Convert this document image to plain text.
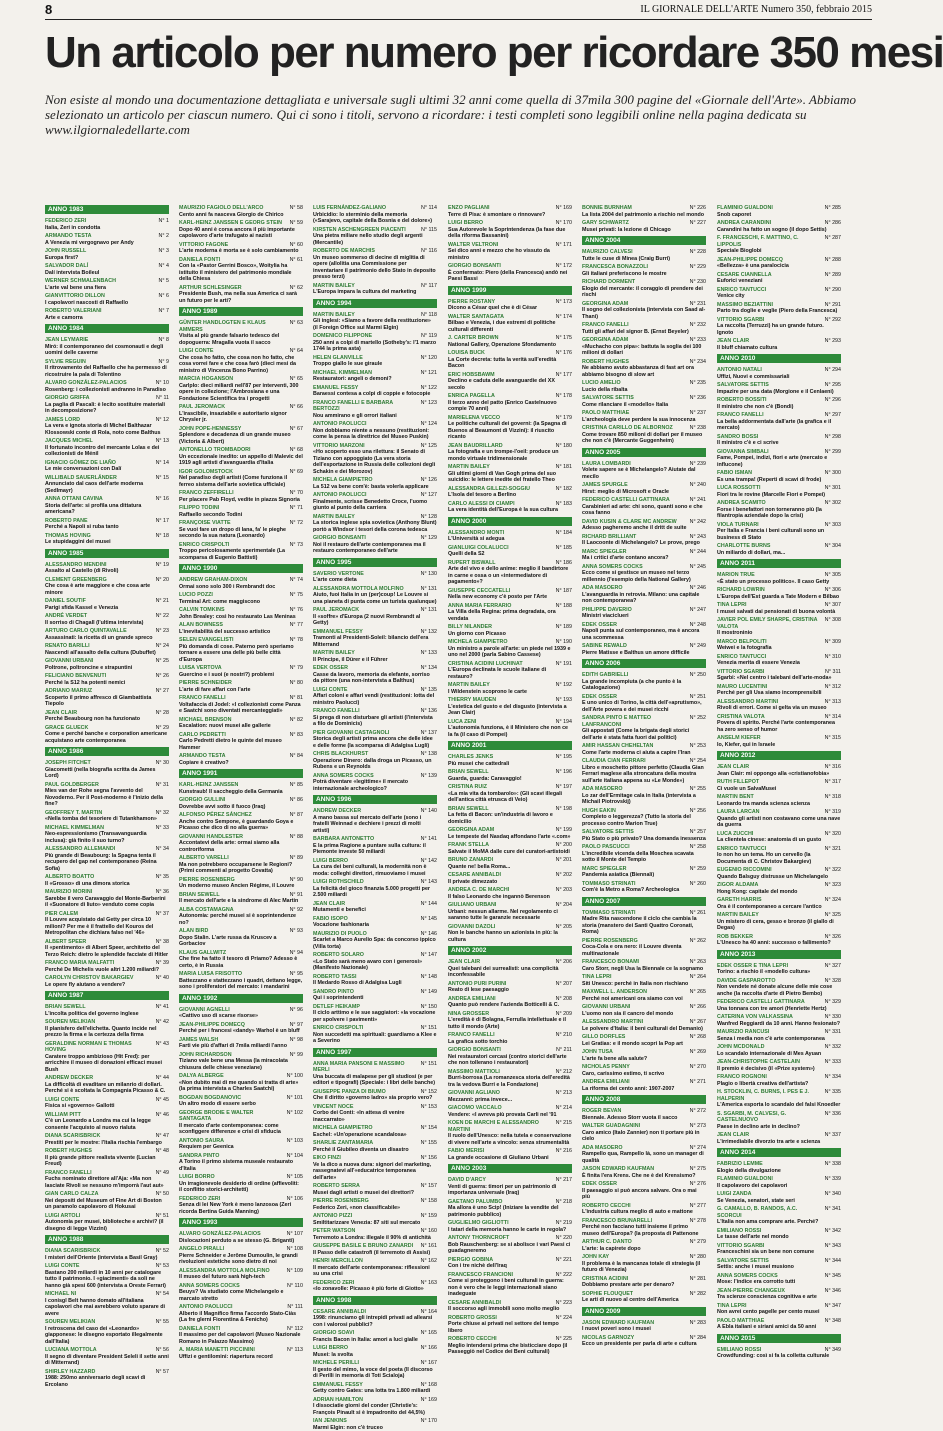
8	IL GIORNALE DELL'ARTE Numero 350, febbraio 2015
Un articolo per numero per ricordare 350 mesi

Non esiste al mondo una documentazione dettagliata e universale sugli ultimi 32 anni come quella di 37mila 300 pagine del «Giornale dell'Arte». Abbiamo selezionato un articolo per ciascun numero. Qui ci sono i titoli, servono a ricordare: i testi completi sono leggibili online nella pagina dedicata su www.ilgiornaledellarte.com

ANNO 1983
FEDERICO ZERI	N° 1
Italia, Zeri in condotta
ARMANDO TESTA	N° 2
A Venezia mi vergognavo per Andy
JOHN RUSSELL	N° 3
Europa first?
SALVADOR DALÍ	N° 4
Dalí intervista Boileul
WERNER SCHMALENBACH	N° 5
L'arte val bene una fiera
GIANVITTORIO DILLON	N° 6
I capolavori nascosti di Raffaello
ROBERTO VALERIANI	N° 7
Arte e camorra
ANNO 1984
JEAN LEYMARIE	N° 8
Miró: il contemporaneo dei cosmonauti e degli uomini delle caverne
SYLVIE REGUIN	N° 9
Il ritrovamento del Raffaello che ha permesso di ricostruire la pala di Tolentino
ALVARO GONZÁLEZ-PALACIOS	N° 10
Rosenberg: i collezionisti andranno in Paradiso
GIORGIO GRIFFA	N° 11
La paglia di Pascali: è lecito sostituire materiali in decomposizione?
JAMES LORD	N° 12
La vera e ignota storia di Michel Balthazar Klossowski conte di Rola, noto come Balthus
JACQUES MICHEL	N° 13
Il fortunato incontro del mercante Lolas e dei collezionisti de Ménil
IGNACIO GÓMEZ DE LIAÑO	N° 14
Le mie conversazioni con Dalí
WILLIBALD SAUERLÄNDER	N° 15
Annunciato dal caos dell'arte moderna (Sedlmayr)
ANNA OTTANI CAVINA	N° 16
Storia dell'arte: si profila una dittatura americana?
ROBERTO PANE	N° 17
Perché a Napoli si ruba tanto
THOMAS HOVING	N° 18
Le stupidaggini dei musei
ANNO 1985
ALESSANDRO MENDINI	N° 19
Assalto al Castello (di Rivoli)
CLEMENT GREENBERG	N° 20
Che cosa è arte maggiore e che cosa arte minore
DANIEL SOUTIF	N° 21
Parigi sfida Kassel e Venezia
ANDRÉ VERDET	N° 22
Il sorriso di Chagall (l'ultima intervista)
ARTURO CARLO QUINTAVALLE	N° 23
Assassinati: la ricetta di un grande spreco
RENATO BARILLI	N° 24
Nascendi all'assalto della cultura (Dubuffet)
GIOVANNI URBANI	N° 25
Poltrone, poltroncine e strapuntini
FELICIANO BENVENUTI	N° 26
Perché la S12 ha potenti nemici
ADRIANO MARIUZ	N° 27
Scoperto il primo affresco di Giambattista Tiepolo
JEAN CLAIR	N° 28
Perché Beaubourg non ha funzionato
GRACE GLUECK	N° 29
Come e perché banche e corporation americane acquistano arte contemporanea
ANNO 1986
JOSEPH FITCHET	N° 30
Giacometti (nella biografia scritta da James Lord)
PAUL GOLDBERGER	N° 31
Mies van der Rohe segna l'avvento del Novoderno. Per il Post-moderno è l'inizio della fine?
GEOFFREY T. MARTIN	N° 32
«Nella tomba del tesoriere di Tutankhamon»
MICHAEL KIMMELMAN	N° 33
Neo-espressionismo (Transavanguardia inclusa): già finito il suo turno?
ALESSANDRO ALLEMANDI	N° 34
Più grande di Beaubourg: la Spagna tenta il recupero del gap nel contemporaneo (Reina Sofía)
ALBERTO BOATTO	N° 35
Il «Grosso» di una dimora storica
MAURIZIO MORINI	N° 36
Sarebbe il vero Caravaggio del Monte-Barberini il «Suonatore di liuto» venduto come copia
PIER CALEM	N° 37
Il Louvre acquistato dal Getty per circa 10 milioni? Per me è il frattello del Kouros del Metropolitan che dichiara falso nel '46»
ALBERT SPEER	N° 38
Il «pentimento» di Albert Speer, architetto del Terzo Reich: dietro le splendide facciate di Hitler
FRANCO MARIA MALFATTI	N° 39
Perché De Michelis vuole altri 1.200 miliardi?
CAROLYN CHRISTOV BAKARGIEV	N° 40
Le opere fly aiutano a vendere?
ANNO 1987
BRIAN SEWELL	N° 41
L'incolta politica del governo inglese
SOUREN MELIKIAN	N° 42
Il planisfero dell'elichetta. Quanto incide nel prezzo la firma e la certezza della firma
GERALDINE NORMAN E THOMAS HOVING
N° 43
Caratere troppo ambizioso (Hit Fred): per arricchire il museo di donazioni efficaci musei Bush
ANDREW DECKER	N° 44
La difficoltà di evaditare un milanrio di dollari. Perché si è scoltata la Compagnia Picasso & C.
LUIGI CONTE	N° 45
Fisica si «governo» Gallotti
WILLIAM PITT	N° 46
C'è un Leonardo a Londra ma cui la legge consente l'acquisto al nuovo rialuta
DIANA SCARISBRICK	N° 47
Prestiti per le mostre: l'Italia rischia l'embargo
ROBERT HUGHES	N° 48
Il più grande pittore realista vivente (Lucian Freud)
FRANCO FANELLI	N° 49
Fuchs nominato direttore all'Aja: «Ma non lasciate Rivoli se nessuno m'imporrà l'aut aut»
GIAN CARLO CALZA	N° 50
Nei depositi del Museum of Fine Art di Boston un paramolo capolavoro di Hokusai
LUIGI ARTOLI	N° 51
Autonomia per musei, biblioteche e archivi? (il disegno di legge Vizzini)
ANNO 1988
DIANA SCARISBRICK	N° 52
I misteri dell'Oriente (intervista a Basil Gray)
LUIGI CONTE	N° 53
Bastano 200 miliardi in 10 anni per catalogare tutto il patrimonio. I «giacimenti» da soli ne hanno già spesi 600 (intervista a Oreste Ferrari)
MICHAEL NI	N° 54
I conisgl Belt hanno domato all'italiana capolavori che mai avrebbero voluto sparare di avere
SOUREN MELIKIAN	N° 55
I retroscena del caso dei «Leonardo» giapponese: le disegno esportato illegalmente dall'Italia)
LUCIANA MOTTOLA	N° 56
Il segno di diventare President Seleli il sette anni di Mitterrand)
SHIRLEY HAZZARD	N° 57
1988: 250mo anniversario degli scavi di Ercolano
MAURIZIO FAGIOLO DELL'ARCO	N° 58
Cento anni fa nasceva Giorgio de Chirico
KARL-HEINZ JANSSEN E GEORG STEIN	N° 59
Dopo 40 anni è corsa ancora il più importante capolavoro d'arte trafugato ai nazisti
VITTORIO FAGONE	N° 60
L'arte moderna è morta se è solo cambiamento
DANIELA FONTI	N° 61
Con la «Pastor Gerrini Bosco», Woitylia ha istituito il ministero del patrimonio mondiale della Chiesa
ARTHUR SCHLESINGER	N° 62
Presidente Bush, ma nella sua America ci sarà un futuro per le arti?
ANNO 1989
GÜNTER HANDLOGTEN E KLAUS AMMERS
N° 63
Visita al più grande falsario tedesco del dopoguerra: Mragalla vuota il sacco
LUIGI CONTE	N° 64
Che cosa ho fatto, che cosa non ho fatto, che cosa vorrei fare e che cosa farò (dieci mesi da ministro di Vincenza Bono Parrino)
MARCIA HOGANSON	N° 65
Carlplo: dieci miliardi nell'87 per interventi, 300 opere in collezione; l'Ambrosiana e una Fondazione Scientifica tra i progetti
PAUL JEROMACK	N° 66
L'irascibile, insaziabile e autoritario signor Chrysler jr.
JOHN POPE-HENNESSY	N° 67
Splendore e decadenza di un grande museo (Victoria & Albert)
ANTONELLO TROMBADORI	N° 68
Un eccezionale inedito: un appello di Malevic del 1919 agli artisti d'avanguardia d'Italia
IGOR GOLOMSTOCK	N° 69
Nel paradiso degli artisti (Come funziona il ferreo sistema dell'arte sovietica ufficiale)
FRANCO ZEFFIRELLI	N° 70
Per placere Pab Floyd, vedite in piazza Signoria
FILIPPO TODINI	N° 71
Raffaello secondo Todini
FRANÇOISE VIATTE	N° 72
Se vuoi fare un dropo di lana, fa' le pieghe secondo la sua natura (Leonardo)
ENRICO CRISPOLTI	N° 73
Troppo pericolosamente sperimentale (La scomparsa di Eugenio Battisti)
ANNO 1990
ANDREW GRAHAM-DIXON	N° 74
Ormai sono solo 300 i Rembrandt doc
LUCIO POZZI	N° 75
Terminal Art: come maggiscono
CALVIN TOMKINS	N° 76
John Brealey: così ho restaurato Las Meninas
ALAN BOWNESS	N° 77
L'inevitabilità del successo artistico
SELEN EVANGELISTI	N° 78
Più domanda di cose. Paterno però speriamo tornare a essere una delle più belle città d'Europa
LUISA VERTOVA	N° 79
Guercino e i suoi (e nostri?) problemi
PIERRE SCHNEIDER	N° 80
L'arte di fare affari con l'arte
FRANCO FANELLI	N° 81
Voltafaccia di Jodel: «I collezionisti come Panza e Saatchi sono diventati mercanteggiati»
MICHAEL BRENSON	N° 82
Escalation: nuovi musei alle gallerie
CARLO PEDRETTI	N° 83
Carlo Pedretti dietro le quinte del museo Hammer
ARMANDO TESTA	N° 84
Copiare è creativo?
ANNO 1991
KARL-HEINZ JANSSEN	N° 85
Kunstraub! Il saccheggio della Germania
GIORGIO GULLINI	N° 86
Dovrebbe avvi sotto il fuoco (Iraq)
ALFONSO PÉREZ SÁNCHEZ	N° 87
Anche contro Sempone, è guardando Goya e Picasso che dico di no alla guerra»
GIOVANNI HANDLESTER	N° 88
Accontatevi della arte: ormai siamo alla controriforma
ALBERTO VARELLI	N° 89
Ma non potrebbero occuparsene le Regioni? (Primi commenti al progetto Covatta)
PIERRE ROSENBERG	N° 90
Un moderno museo Ancien Régime, il Louvre
BRIAN SEWELL	N° 91
Il mercato dell'arte e la sindrome di Alec Martin
ALBA COSTAMAGNA	N° 92
Autonomia: perché musei si è soprintendenze no?
ALAN BIRD	N° 93
Dopo Stalin. L'arte russa da Kruscev a Gorbaciov
KLAUS GALLWITZ	N° 94
Che fine ha fatto il tesoro di Priamo? Adesso è certo, è in Russia
MARIA LUISA FRISOTTO	N° 95
Battezzano e stattezzano i quadri, dettano legge, sono i proliferatori del mercato: i mandarini
ANNO 1992
GIOVANNI AGNELLI	N° 96
«Cattivo uso di scarse risorse»
JEAN-PHILIPPE DOMECQ	N° 97
Perché per i francesi «dandy» Warhol è un bluff
JAMES WALSH	N° 98
Farti vie più d'affari di 7mila miliardi l'anno
JOHN RICHARDSON	N° 99
Tiziano vale bene una Messa (la miracolata chiusura delle chiese veneziane)
DALYA ALBERGE	N° 100
«Non dubito mai di me quando si tratta di arte» (la prima intervista a Charles Saatchi)
BOGDAN BOGDANOVIC	N° 101
Un altro modo di essere serbo
GEORGE BRODIE E WALTER SANTAGATA
N° 102
Il mercato d'arte contemporanea: come sconfiggere differenze e crisi di sfiducia
ANTONIO SAURA	N° 103
Requiem per Geenica
SANDRA PINTO	N° 104
A Torino il primo sistema museale restaurato d'Italia
LUIGI BORRO	N° 105
Un irragionevole desiderio di ordine (affievoliti: il conflitto storici-architetti)
FEDERICO ZERI	N° 106
Senza di lei New York è meno lanzosoa (Zeri ricorda Bertina Guida Manning)
ANNO 1993
ALVARO GONZÁLEZ-PALACIOS	N° 107
Dislocazioni perduto a se stesso (G. Briganti)
ANGELO PIRALLI	N° 108
Pierre Schneider e Jerôme Dumoulin, le grandi rivoluzioni estetiche sono dietro di noi
ALESSANDRA MOTTOLA MOLFINO	N° 109
Il museo del futuro sarà high-tech
ANNA SOMERS COCKS	N° 110
Beuys? Va studiato come Michelangelo e marcato stretto
ANTONIO PAOLUCCI	N° 111
Alberto il Magnifico firma l'accordo Stato-Ciàs (La fre glerni Fiorentina & Fenicho)
DANIELA FONTI	N° 112
Il massimo per del capolavori (Museo Nazionale Romano in Palazzo Massimo)
A. MARIA MANETTI PICCININI	N° 113
Uffizi e gentilomini: riapertura record
LUIS FERNÁNDEZ-GALIANO	N° 114
Urbicidio: lo sterminio della memoria («Sarajevo, capitale della Bosnia e del dolore»)
KIRSTEN ASCHENGREEN PIACENTI	N° 115
Una pietra miliare nello studio degli argenti (Mercantile)
ROBERTO DE MARCHIS	N° 116
Un museo sommerso di decine di miglitia di opere (allolitia una Commissione per inventariare il patrimonio dello Stato in deposito presso terzi)
MARTIN BAILEY	N° 117
L'Europa impara la cultura del marketing
ANNO 1994
MARTIN BAILEY	N° 118
Gli inglesi: «Siamo a favore della restituzione» (il Foreign Office sui Marmi Elgin)
DOMENICO FILIPPONE	N° 119
250 anni a colpi di martello (Sotheby's: l'1 marzo 1744 la prima asta)
HELEN GLANVILLE	N° 120
Troppo giallo le sue giraule
MICHAEL KIMMELMAN	N° 121
Restauratori: angeli o demoni?
EMANUEL FESSY	N° 122
Baraessi contesa a colpi di coppie e fotocopie
FRANCO FANELLI E BARBARA BERTOZZI
N° 123
Nou ammirano e gli orrori italiani
ANTONIO PAOLUCCI	N° 124
Non dobbiamo niente a nessuno (restituzioni: come la pensa la direttrice del Museo Puskin)
VITTORIO MARZONI	N° 125
«Ho scoperto esso una rilettura: il Senato di Tiziano con appoggiato (La vera storia dell'esportazione in Russia delle collezioni degli Schakin e dei Morozov)
MICHELA GIAMPIETRO	N° 126
La 512 va bene com'è: basta volerla applicare
ANTONIO PAOLUCCI	N° 127
Finalmente, scrisse Benedetto Croce, l'uomo giunto al punto della carriera
MARTIN BAILEY	N° 128
La storica inglese spia sovietica (Anthony Blunt) portò a Windsor i tesori della corona tedesca
GIORGIO BONSANTI	N° 129
Noi il restauro dell'arte contemporanea ma il restauro contemporaneo dell'arte
ANNO 1995
SAVERIO VERTONE	N° 130
L'arte come dieta
ALESSANDRA MOTTOLA MOLFINO	N° 131
Aiuto, fuoi Italia in un (per)coup! Le Louvre si una pianeta di punta come un turista qualunque)
PAUL JEROMACK	N° 131
Il «soffre» d'Europa (2 nuovi Rembrandt al Getty)
EMMANUEL FESSY	N° 132
Tramonti al Presidenti-Soleil: bilancio dell'era Mitterrand
MARTIN BAILEY	N° 133
Il Principe, il Dürer e il Führer
EDEK OSSER	N° 134
Casse da lavoro, memoria da elefante, sorriso da pittore (una non-intervista a Balthus)
LUIGI CONTE	N° 135
Affari coloni e affari vendi (restituzioni: lotta del ministro Paolucci)
FRANCO FANELLI	N° 136
Si prega di non disturbare gli artisti (l'intervista a filo de Dominicis)
PIER GIOVANNI CASTAGNOLI	N° 137
Storica degli artisti prima ancora che delle idee e delle forme (la scomparsa di Adalgisa Lugli)
CHRIS BLACKHURST	N° 138
Operazione Dinero: dalla droga un Picasso, un Rubens e un Reynolds
ANNA SOMERS COCKS	N° 139
Potrà diventare «legittime» il mercato internazionale archeologico?
ANNO 1996
ANDREW DECKER	N° 140
A mano bassa sul mercato dell'arte (sono i fratelli Weinnad e dechiere i prezzi di molti artisti)
BARBARA ANTONETTO	N° 141
E la prima Ragione a puntare sulla cultura: il Piemonte investe 50 miliardi
LUIGI BERRO	N° 142
La cura dei beni culturali, la modernità non è moda: colleghi direttori, rimuoviamo i musei
LUIGI ROTHSCHILD	N° 143
La felicità del gioco finanzia 5.000 progetti per 2.500 miliardi
JEAN CLAIR	N° 144
Mutamenti e benefici
FABIO ISOPO	N° 145
Vocazione fashionaria
MAURIZIO DI PUOLO	N° 146
Scarlet a Marco Aurelio Spa: da concorso ippico (Villa torta)
ROBERTO SOLARO	N° 147
«Lo Stato sarà meno avaro con i generosi» (Manifesto Nazionale)
ROBERTO TASSI	N° 148
Il Medardo Rosso di Adalgisa Lugli
SANDRO PINTO	N° 149
Qui i soprintendenti
DETLEF HEIKAMP	N° 150
Il ciclo arttimo e le sue saggiatori: «la vocazione per spolvere i pavimenti»
ENRICO CRISPOLTI	N° 151
Non succedetti ma spirituali: guardiamo a Klee e a Severino
ANNO 1997
ANNA MARIA PANSONI E MASSIMO MERLI
N° 151
Una buccata di malapese per gli studiosi (e per editori e tipografi) (Speciale: i libri delle banche)
GIUSEPPE PANZA DI BIUMO	N° 152
Che il diritto «governo ladro» sia proprio vero?
VINCENT NOCE	N° 153
Corbo dei Conti: «In attesa di venire inaccarrato»
MICHELA GIAMPIETRO	N° 154
Eschel: «Un'operazione scandalosa»
SHARLIE ZANTAMARIA	N° 155
Perché il Giubileo diventa un disastro
EIKO FINZI	N° 156
Ve la dico a nuova dura: signori del marketing, rassegnatevi all'«educatrice temporanea dell'arte»
ROBERTO SERRA	N° 157
Musei dagli artisti o musei dei direttori?
PIERRE ROSENBERG	N° 158
Federico Zeri, «non classificabile»
ANTONIO PIZZI	N° 159
Smiltitarizzare Venezia: 87 siti sul mercato
PETER WATSON	N° 160
Terremoto a Londra: illegale il 90% di antichità
GIUSEPPE BASILE E BRUNO ZANARDI	N° 161
Il Passo delle catastrofi (il terremoto di Assisi)
HENRI MERCILLON	N° 162
Il mercato dell'arte contemporanea: riflessioni su una crisi
FEDERICO ZERI	N° 163
«Io zonavolle: Picasso è più forte di Giotto»
ANNO 1998
CESARE ANNIBALDI	N° 164
1998: rinunciamo gli intrepidi privati ad allearsi con i valorosi pubblici?
GIORGIO SOAVI	N° 165
Francis Bacon in Italia: amori a luci gialle
LUIGI BERRO	N° 166
Musei: la svolta
MICHELE PERILLI	N° 167
Il gesto del mimo, la voce del poeta (Il discorso di Perilli in memoria di Toti Scialoja)
EMMANUEL FESSY	N° 168
Getty contro Gates: una lotta tra 1.800 miliardi
ADRIAN HAMILTON	N° 169
I dissociatie giorni del conder (Christie's: François Pinault si è impadronito del 44,5%)
IAN JENKINS	N° 170
Marmi Elgin: non c'è truceo
ENZO PAGLIANI	N° 169
Terre di Pisa: è smontare o rinnovare?
LUIGI BERRO	N° 170
Sua Autorevole la Soprintendenza (la fase due della riforma Bassanini)
WALTER VELTRONI	N° 171
Sei dico anni e mezzo che ho vissuto da ministro
GIORGIO BONSANTI	N° 172
È confermato: Piero (della Francesca) andò nei Paesi Bassi
ANNO 1999
PIERRE ROSTANY	N° 173
Dicono a César quel che è di César
WALTER SANTAGATA	N° 174
Bilbao e Venezia, i due estremi di politiche culturali differenti
J. CARTER BROWN	N° 175
National Gallery, Operazione Sfondamento
LOUISA BUCK	N° 176
La Corte decreta: tutta la verità sull'eredità Bacon
ERIC HOBSBAWM	N° 177
Declino e caduta delle avanguardie del XX secolo
ENRICA PAGELLA	N° 178
Il terzo anno del patto (Enrico Castelnuovo compie 70 anni)
MARIELENA VECCO	N° 179
Le politiche culturali dei governi: (la Spagna di Buenos al Beaumont di Vizzini): il riuscito ricanto
JEAN BAUDRILLARD	N° 180
La fotografia e un trompe-l'oeil: produce un mondo virtuale tridimensionale
MARTIN BAILEY	N° 181
Gli ultimi giorni di Van Gogh prima del suo suicidio: le lettere inedite del fratello Theo
ALESSANDRA GILLEZI-SOGGIU	N° 182
L'Isola del tesoro a Berlino
CARLO ALESSI DI CIAMPI	N° 183
La vera identità dell'Europa è la sua cultura
ANNO 2000
ALESSANDRO MONTI	N° 184
L'Università si adegua
GIANLUIGI COLALUCCI	N° 185
Quelli della S2
RUPERT BISWALL	N° 186
Arte del vivo e dello anime: meglio il bandirtore in carne e ossa o un «intermediatore di pagamento»?
GIUSEPPE CECCATELLI	N° 187
Nella new economy c'è posto per l'Arte
ANNA MARIA FERRARIO	N° 188
La Villa della Regina: prima degradata, ora vendata
BILLY NILANDER	N° 189
Un giorno con Picasso
MICHELA GIAMPIETRO	N° 190
Un ministro a parole all'arte: un piede nel 1939 e uno nel 2000 (parla Sabino Cassese)
CRISTINA ACIDINI LUCHINAT	N° 191
L'Europa declinata le scuole italiane di restauro?
MARTIN BAILEY	N° 192
I Wildenstein scoprono le carte
THIERRY MAUDEN	N° 193
L'estetica del gusto e del disgusto (intervista a Jean Clair)
LUCA ZENI	N° 194
L'autonomia funziona, è il Ministero che non ce la fa (il caso di Pompei)
ANNO 2001
CHARLES JENKS	N° 195
Più musei che cattedrali
BRIAN SEWELL	N° 196
Guarda, guarda: Caravaggio!
CRISTINA RUIZ	N° 197
«La mia vita da tombarolo»: (Gli scavi illegali dell'antica città etrusca di Veio)
BRIAN SEWELL	N° 198
La fetta di Bacon: un'industria di lavoro e domicilio
GEORGINA ADAM	N° 199
Le tempeste del Nasdaq affondano l'arte «.com»
FRANK STELLA	N° 200
Salvate il MoMA dalle cure dei curatori-artistoidi
BRUNO ZANARDI	N° 201
Quante ne! bella Roma...
CESARE ANNIBALDI	N° 202
Il private dimezzato
ANDREA C. DE MARCHI	N° 203
Il falso Leonardo che ingannò Berenson
GIULIANO URBANI	N° 204
Urbani: nessun allarme. Nel regolamento ci saranno tutte le garanzie necessarie
GIOVANNI DAZOLI	N° 205
Non le banche hanno un azionista in più: la cultura
ANNO 2002
JEAN CLAIR	N° 206
Quei talebani dei surrealisti: una complicità inconfessabile
ANTONIO PURI PURINI	N° 207
Reato di lese paesaggio
ANDREA EMILIANI	N° 208
Quanto può rendere l'azienda Botticelli & C.
NINA GROSSER	N° 209
L'eredità è di Bolagna, Ferrulla intellettuale e il tutto il mondo (Arte)
FRANCO FANELLI	N° 210
La grafica sotto torchio
GIORGIO BONSANTI	N° 211
Nei restauratori cercasi (contro storici dell'arte che non tollerano i restauratori)
MASSIMO MATTIOLI	N° 212
Burri-borrosa (La romanzesca storia dell'eredità tra la vedova Burri e la Fondazione)
GIOVANNI AGLIANO	N° 213
Mezzanni: prima invece...
GIACOMO VACCALO	N° 214
Vendere: «I avreva più provata Carli nel '91
KOEN DE MARCHI E ALESSANDRO MARTINI
N° 215
Il ruolo dell'Unesco: nella tutela e conservazione di vivere nell'arte a vincolo: senza strumentalità
FABIO MERISI	N° 216
La grande occasione di Giuliano Urbani
ANNO 2003
DAVID D'ARCY	N° 217
Venti di guerra: timori per un patrimonio di importanza universale (Iraq)
GAETANO PALUMBO	N° 218
Ma allora è uno Scip! (Iniziare la vendite del patrimonio pubblico)
GUGLIELMO GIGLIOTTI	N° 219
I tatari della memoria hanno le carte in regola?
ANTONY THORNCROFT	N° 220
Bob Rauschenberg: se si abolisce i vari Paesi ci guadagneremo
PIERGIO GOBINA	N° 221
Con i tre nichè dell'Iraq
FRANCESCO FRANCIONI	N° 222
Come si proteggono i beni culturali in guerra: non è vero che le leggi internazionali siano inadeguate
CESARE ANNIBALDI	N° 223
Il soccorso agli immobili sono molto meglio
ROBERTO GROSSI	N° 224
Porte chiuse ai privati nel settore del tempo libero
ROBERTO CECCHI	N° 225
Meglio intendersi prima che bisticciare dopo (il Passeggiò nel Codice dei Beni culturali)
BONNIE BURNHAM	N° 226
La lista 2004 del patrimonio a rischio nel mondo
GARY SCHWARTZ	N° 227
Musei privati: la lezione di Chicago
ANNO 2004
MAURIZIO CALVESI	N° 228
Tutte le cuse di Minea (Craig Burri)
FRANCESCA BONAZZOLI	N° 229
Gli italiani preferiscono le mostre
RICHARD DORMENT	N° 230
Elogio del mercante: il coraggio di prendere dei rischi
GEORGINA ADAM	N° 231
Il sogno del collezionista (intervista con Saad al-Thani)
FRANCO FANELLI	N° 232
Tutti gli affari del signor B. (Ernst Beyeler)
GEORGINA ADAM	N° 233
«Muchacho con pipa»: battuta la soglia dei 100 milioni di dollari
ROBERT HUGHES	N° 234
Ne abbiamo avuto abbastanza di fast art ora abbiamo bisogno di slow art
LUCIO AMELIO	N° 235
Lucio della ribalta
SALVATORE SETTIS	N° 236
Come rilanciare il «modello» Italia
PAOLO MATTHIAE	N° 237
L'archeologia deve perdere la sua innocenza
CRISTINA CARILLO DE ALBORNOZ	N° 238
Come trovare 850 milioni di dollari per il museo che non c'è (Mercante Guggenheim)
ANNO 2005
LAURA LOMBARDI	N° 239
Volete sapere se è Michelangelo? Aiutate dal mecilo
JAMES SPURGLE	N° 240
Hirst: meglio di Microsoft e Oracle
FEDERICO CASTELLI GATTINARA	N° 241
Carabinieri ad arte: chi sono, quanti sono e che cosa fanno
DAVID KUSIN & CLARE MC ANDREW	N° 242
Adesso pagheremo anche il dritt de suite
RICHARD BRILLIANT	N° 243
Il Laocoonte di Michelangelo? Le prove, prego
MARC SPIEGLER	N° 244
Ma i critici d'arte contano ancora?
ANNA SOMERS COCKS	N° 245
Ecco come si gestisce un museo nel terzo millennio (l'esempio della National Gallery)
ADA MASOERO	N° 246
L'avanguardia in retrovia. Milano: una capitale non contemporanea?
PHILIPPE DAVERIO	N° 247
Ministri viaciclueri
EDEK OSSER	N° 248
Napoli punta sul contemporaneo, ma è ancora una scommessa
SABINE REWALD	N° 249
Pierre Matisse e Balthus un amore difficile
ANNO 2006
EDITH GABRIELLI	N° 250
La grande incompiuta (a che punto è la Catalogazione)
EDEK OSSER	N° 251
E uno unico di Torino, la città dell'«aprutismo», dell'Arte povera e dei musei ricchi
SANDRA PINTO E MATTEO LANFRANCONI
N° 252
Gli appostati (Come la brigata degli storici dell'arte è stata fatta fuori dai politici)
AMIR HASSAN CHEHELTAN	N° 253
Come l'arte moderna ci aiuta a capire l'Iran
CLAUDIA CIAN FERRARI	N° 254
Libro e moschetto pittore perfetto (Claudia Gian Ferrari maglese alla stroncatura della mostra sull'arte italiana appena su «Le Monde»)
ADA MASOERO	N° 255
Lo zar dell'Ermitage cala in Italia (intervista a Michail Piotrovskij)
HUGH EAKIN	N° 256
Completo o leggerezza? (Tutto la storia del processo contro Marion True)
SALVATORE SETTIS	N° 257
Più Stato o più privato? Una domanda inessenza
PAOLO PASCUCCI	N° 258
L'incredibile vicenda della Moschea scavata sotto il Monte del Tempio
MARC SPIEGLER	N° 259
Pandemia asiatica (Biennali)
TOMMASO STRINATI	N° 260
Com'è la Metro a Roma? Archeologica
ANNO 2007
TOMMASO STRINATI	N° 261
Madre Rita nascendone il ciclo che cambia la storia (manstero dei Santi Quattro Coronati, Roma)
PIERRE ROSENBERG	N° 262
Coca-Cola e ora nero: il Louvre diventa multinazionale
FRANCESCO BONAMI	N° 263
Caro Storr, negli Usa la Biennale ce la sognamo
TINA LEPRI	N° 264
Siti Unesco: perché in Italia non rischiano
MAXWELL L. ANDERSON	N° 265
Perché noi americani ora siamo con voi
GIOVANNI URBANI	N° 266
L'uomo non sia il cancro del mondo
ALESSANDRO MARTINI	N° 267
Le polvere d'Italia: il beni culturali del Demanio)
GILLO DORFLES	N° 268
Lei Gratias: e il mondo scopri la Pop art
JOHN TUSA	N° 269
L'arte fa bene alla salute?
NICHOLAS PENNY	N° 270
Caro, carissimo estimo, ti scrivo
ANDREA EMILIANI	N° 271
La riforma dei cento anni: 1907-2007
ANNO 2008
ROGER BEVAN	N° 272
Biennale. Adesso Storr vuota il sacco
WALTER GUADAGNINI	N° 273
Caro amico (Italo Zannier) non ti portare più in cielo
ADA MASOERO	N° 274
Rampello qua, Rampello là, sono un manager di qualità
JASON EDWARD KAUFMAN	N° 275
È finita l'era Krens. Che ne è del Krensismo?
EDEK OSSER	N° 276
Il paesaggio si può ancora salvare. Ora o mai più
ROBERTO CECCHI	N° 277
L'industria cultura meglio di auto e mattone
FRANCESCO BRUNARELLI	N° 278
Perché non facciano tutti insieme il primo museo dell'Europa? (la proposta di Pattenone
ARTHUR C. DANTO	N° 279
L'arte: la capirete dopo
JOHN KAY	N° 280
Il problema è la mancanza totale di strategia (il futuro di Venezia)
CRISTINA ACIDINI	N° 281
Dobbiamo prestare arte per denaro?
SOPHIE FLOUQUET	N° 282
Le arti di nuovo al centro dell'America
ANNO 2009
JASON EDWARD KAUFMAN	N° 283
I nuovi poveri sono i musei
NICOLAS GARNOZY	N° 284
Ecco un presidente per parla di arte e cultura
FLAMINIO GUALDONI	N° 285
Snob caporet
ANDREA CARANDINI	N° 286
Carandini ha fatto un sogno (il dopo Settis)
F. FRANCESCHI, F. MATTINO, C. LIPPOLIS
N° 287
Speciale Bioglobi
JEAN-PHILIPPE DOMECQ	N° 288
«Bellezza» è una paralocicia
CESARE CIANNELLA	N° 289
Euforici veneziani
ENRICO TANTUCCI	N° 290
Venice city
MASSIMO BEZIATTINI	N° 291
Parto tra doglie e veglie (Piero della Francesca)
VITTORIO SGARBI	N° 292
La raccolta (Terruzzi) ha un grande futuro. Ignoto
JEAN CLAIR	N° 293
Il bluff chiamato cultura
ANNO 2010
ANTONIO NATALI	N° 294
Uffizi, Nuovi e commissariali
SALVATORE SETTIS	N° 295
Impazire per una data (Morgione e il Cenlaeni)
ROBERTO BOSSITI	N° 296
Il ministro che non c'è (Bondi)
FRANCO FANELLI	N° 297
La bella addormentata dall'arte (la grafica e il mercato)
SANDRO BOSSI	N° 298
Il ministro c'è e ci scrive
GIOVANNA SIMBALI	N° 299
Fame, Pompei, indizi, fiori e arte (mercato e influcone)
FABIO ISMAN	N° 300
Es una trampa! (Reperti di scavi di frode)
LUCA ROSSOTTI	N° 301
Fiori tra le rovine (Marcelle Fiori e Pompei)
ANDREA SCAMITO	N° 302
Forse i benefattori non torneranno più (la filantropia aziendale dopo la crisi)
VIOLA TURNARI	N° 303
Per Italia e Francia i beni culturali sono un business di Stato
CHARLOTTE BURNS	N° 304
Un miliardo di dollari, ma...
ANNO 2011
MARION TRUE	N° 305
«È stato un processo politico». Il caso Getty
RICHARD LOWRIN	N° 306
L'Europa dell'Est guarda a Tate Modern e Bilbao
TINA LEPRI	N° 307
I musei salvati dai pensionati di buona volontà
JAVIER POL EMILY SHARPE, CRISTINA VALOTA
N° 308
Il mostroninio
MARCO BELPOLITI	N° 309
Weiwei e la fotografia
ENRICO TANTUCCI	N° 310
Venezia merita di essere Venezia
VITTORIO SGARBI	N° 311
Sgarbi: «Nel centro i talebani dell'arte-moda»
MAURO LUCENTINI	N° 312
Perché per gli Usa siamo incomprensibili
ALESSANDRO MARTINI	N° 313
Rivoli di errori. Come si gelta via un museo
CRISTINA VALOTA	N° 314
Povera di spirito. Perché l'arte contemporanea ha zero senso of humor
ANSELM KIEFER	N° 315
Io, Kiefer, qui in Israele
ANNO 2012
JEAN CLAIR	N° 316
Jean Clair: mi oppongo alla «cristianofobia»
RUTH FILLEPOT	N° 317
Ci vuole un SalvaMusei
MARTIN BENT	N° 318
Leonardo tra manda scienza scienza
LAURA LARCAN	N° 319
Quando gli artisti non costavano come una nave da guerra
LUCA ZUCCHI	N° 320
La clientela cinese: anatomia di un gusto
ENRICO TANTUCCI	N° 321
Io non ho un tema. Ho un cervello (la Documenta di C. Christov Bakargiev)
EUGENIO RICCOMINI	N° 322
Quando Balsguy distrusse un Michelangelo
ZIGOR ALDAMA	N° 323
Hong Kong: capitale del mondo
GARETH HARRIS	N° 324
Ora è il contemporaneo a cercare l'antico
MARTIN BAILEY	N° 325
Un mistero di cera, gesso e bronzo (il giallo di Degas)
ROB BEKKER	N° 326
L'Unesco ha 40 anni: successo o fallimento?
ANNO 2013
EDEK OSSER E TINA LEPRI	N° 327
Torino: a rischio il «modello cultura»
DAVIDE GASPAROTTO	N° 328
Non vendete né donate alcune delle mie cose anche (la raccolta d'arte di Pietro Bembo)
FEDERICO CASTELLI GATTINARA	N° 329
Una tonnara con tre amori (Henriette Hertz)
CATERINA VON VALKASSINA	N° 330
Wanfred Reggiardi da 10 anni. Hanno fesionato?
MAURIZIO RANCUSI	N° 331
Senza i media non c'è arte contemporanea
JOHN MCDONALD	N° 332
Lo scandalo internazionale di Mes Ayuan
JEAN-CHRISTOPHE CASTELAIN	N° 333
Il premio è decisivo (il «Prize system»)
FRANCO ROGNONI	N° 334
Plagio o libertà creativa dell'artista?
H. STOCKLIN, C. BURNS, I. PES E J. HALPERIN
N° 335
L'America esporta lo scandalo del falsi Knoedler
S. SGARBI, M. CALVESI, G. CASTELNUOVO
N° 336
Paese in declino arte in declino?
JEAN CLAIR	N° 337
L'irrimediabile divorzio tra arte e scienza
ANNO 2014
FABRIZIO LEMME	N° 338
Elogio della divulgazione
FLAMINIO GUALDONI	N° 339
Il capolavoro dei capolavori
LUIGI ZANDA	N° 340
Se Venezia, senatori, state seri
G. CAMALLO, B. RANDOS, A.C. SCORCUI
N° 341
L'Italia non ama comprare arte. Perché?
EMILIANO ROSSI	N° 342
Le tasse dell'arte nel mondo
VITTORIO SGARBI	N° 343
Franceschini sia un bene non comune
SALVATORE SETTIS	N° 344
Settis: anche i musei musiono
ANNA SOMERS COCKS	N° 345
Mose: l'indice era corrotto tutti
JEAN-PIERRE CHANGEUX	N° 346
Tra scienze conscienza cognitiva e arte
TINA LEPRI	N° 347
Non avrei cento pagelle per cento musei
PAOLO MATTHIAE	N° 348
A Ebla italiani e siriani amici da 50 anni
ANNO 2015
EMILIANO ROSSI	N° 349
Crowdfunding: così si fa la colletta culturale
